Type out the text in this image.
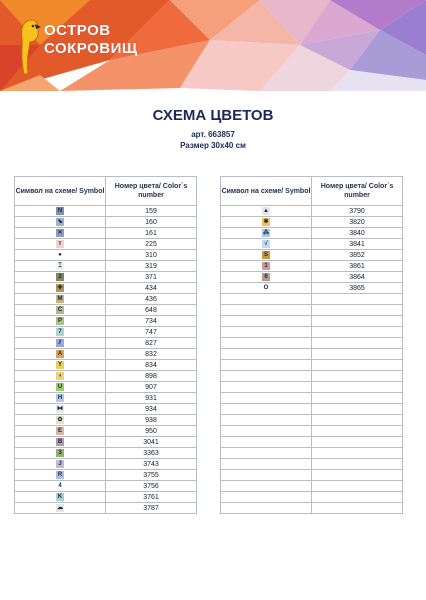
ОСТРОВ
СОКРОВИЩ
СХЕМА ЦВЕТОВ
арт. 663857
Размер 30х40 см
Символ на схеме/ Symbol	Номер цвета/ Color`s number
N	159
⬊	160
✕	161
т	225
●	310
⌶	319
2	371
✚	434
M	436
C	648
P	734
7	747
⫽	827
A	832
Y	834
◖	898
U	907
H	931
⧓	934
✿	938
E	950
B	3041
3	3363
J	3743
R	3755
4	3756
K	3761
☁	3787
Символ на схеме/ Symbol	Номер цвета/ Color`s number
▲	3790
✱	3820
⁂	3840
√	3841
S	3852
1	3861
6	3864
O	3865
